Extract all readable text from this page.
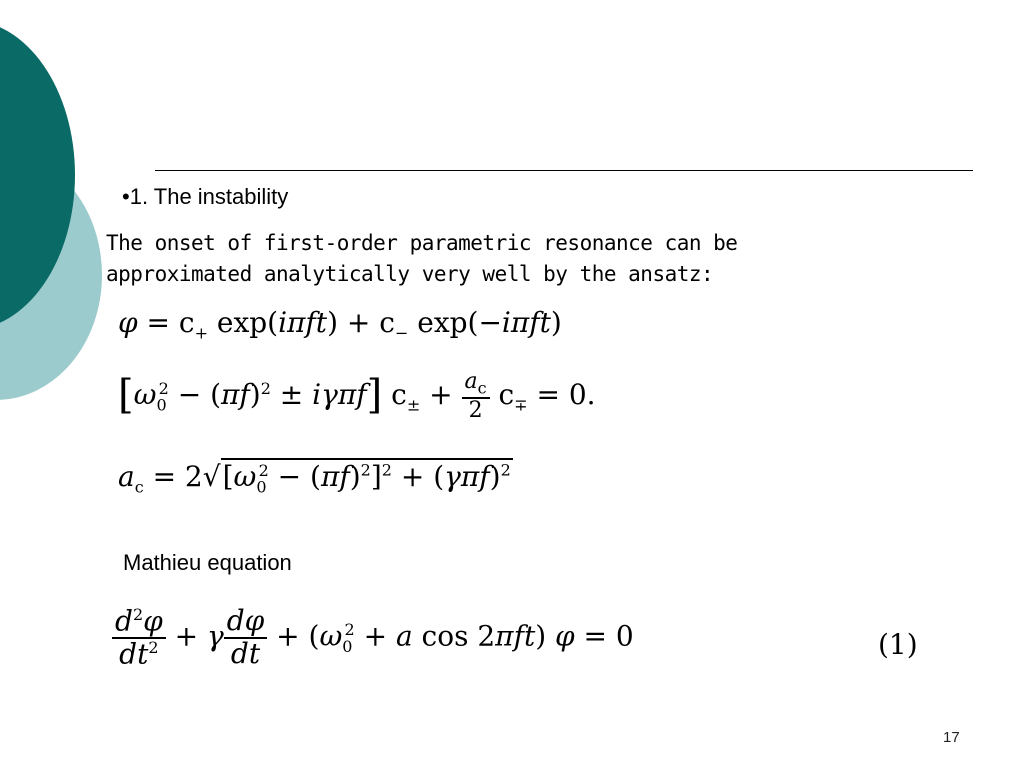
•1. The instability
The onset of first-order parametric resonance can be
approximated analytically very well by the ansatz:
$\varphi = c_+$ $\exp(i\pi ft) + c_-$ exp(−iπft)
$[\omega_0^2 - (\pi f)^2 \pm i\gamma\pi f] c_\pm + \frac{a_c}{2} c_\mp = 0$.
$a_c = 2√[\omega_0^2 - (\pi f)^2]^2 + (\gamma\pi f)^2$
Mathieu equation
$\frac{d^2\varphi}{dt^2} + \gamma \frac{d\varphi}{dt} + (\omega_0^2 + a$ cos 2πft) φ = 0	(1)
17
